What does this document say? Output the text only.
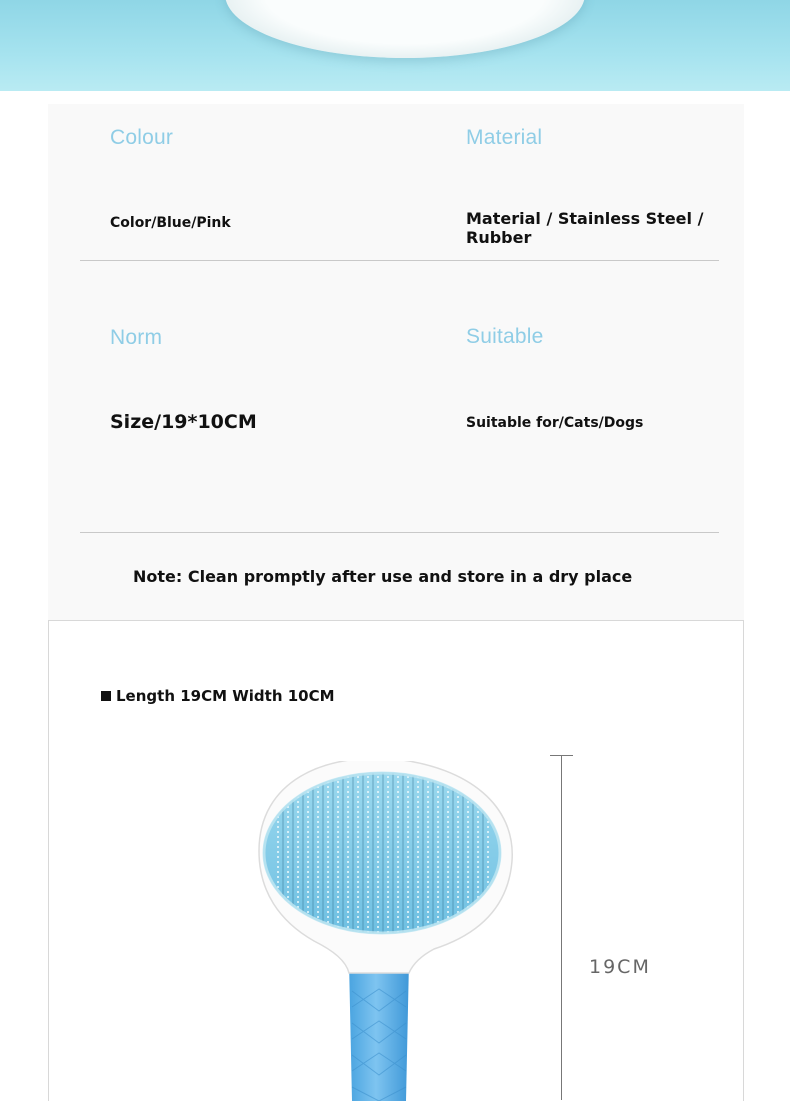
Colour	Material
Color/Blue/Pink	Material / Stainless Steel /
Rubber
Norm	Suitable
Size/19*10CM	Suitable for/Cats/Dogs
Note: Clean promptly after use and store in a dry place
Length 19CM Width 10CM
19CM
